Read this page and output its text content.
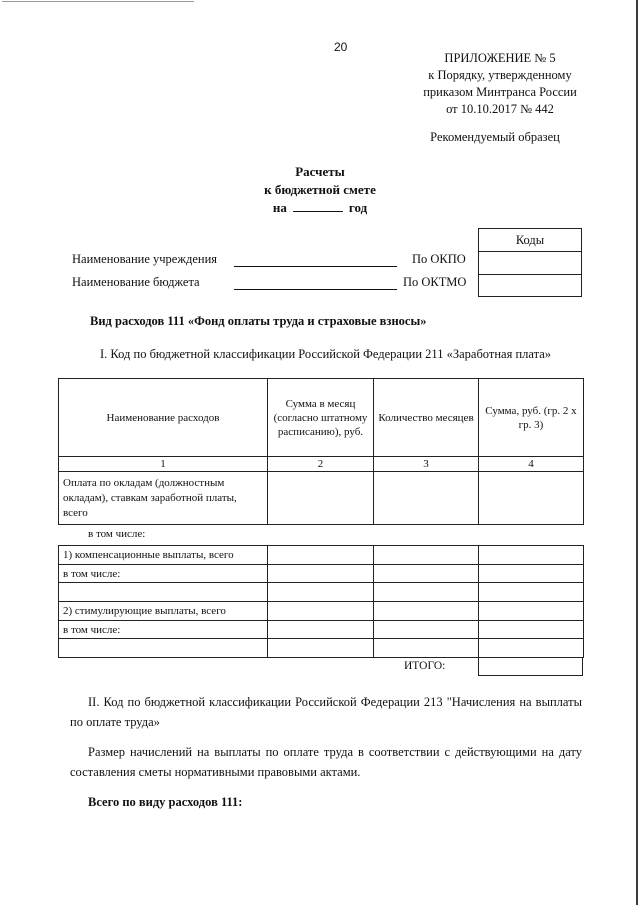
20
ПРИЛОЖЕНИЕ № 5
к Порядку, утвержденному
приказом Минтранса России
от 10.10.2017 № 442
Рекомендуемый образец
Расчеты
к бюджетной смете
на	год
Наименование учреждения
Наименование бюджета
По ОКПО
По ОКТМО
Коды
Вид расходов 111 «Фонд оплаты труда и страховые взносы»
I. Код по бюджетной классификации Российской Федерации 211 «Заработная плата»
Наименование расходов	Сумма в месяц (согласно штатному расписанию), руб.	Количество месяцев	Сумма, руб. (гр. 2 х гр. 3)
1	2	3	4
Оплата по окладам (должностным окладам), ставкам заработной платы, всего			
в том числе:
1) компенсационные выплаты, всего			
в том числе:			

2) стимулирующие выплаты, всего			
в том числе:			

ИТОГО:
II. Код по бюджетной классификации Российской Федерации 213 "Начисления на выплаты по оплате труда»
Размер начислений на выплаты по оплате труда в соответствии с действующими на дату составления сметы нормативными правовыми актами.
Всего по виду расходов 111:
